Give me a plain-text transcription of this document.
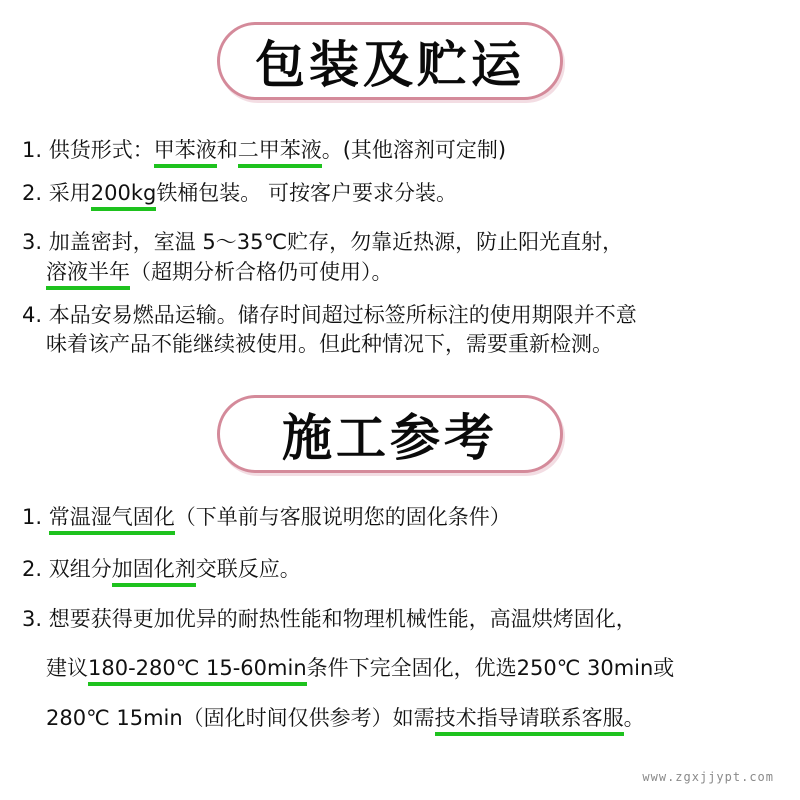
包装及贮运
1. 供货形式：甲苯液和二甲苯液。(其他溶剂可定制)
2. 采用200kg铁桶包装。 可按客户要求分装。
3. 加盖密封，室温 5～35℃贮存，勿靠近热源，防止阳光直射，
溶液半年（超期分析合格仍可使用）。
4. 本品安易燃品运输。储存时间超过标签所标注的使用期限并不意
味着该产品不能继续被使用。但此种情况下，需要重新检测。
施工参考
1. 常温湿气固化（下单前与客服说明您的固化条件）
2. 双组分加固化剂交联反应。
3. 想要获得更加优异的耐热性能和物理机械性能，高温烘烤固化，
建议180-280℃ 15-60min条件下完全固化，优选250℃ 30min或
280℃ 15min（固化时间仅供参考）如需技术指导请联系客服。
www.zgxjjypt.com
